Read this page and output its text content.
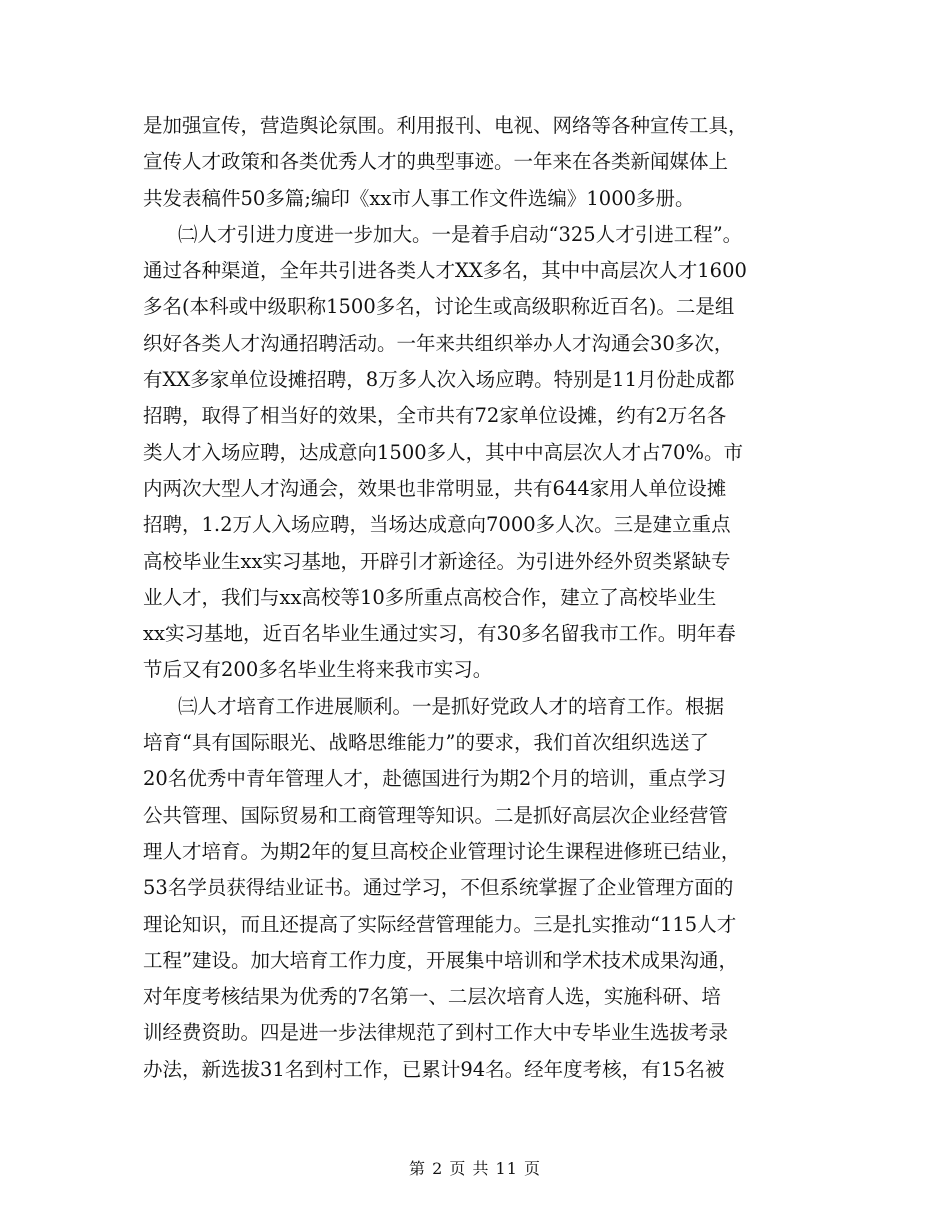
是加强宣传，营造舆论氛围。利用报刊、电视、网络等各种宣传工具，
宣传人才政策和各类优秀人才的典型事迹。一年来在各类新闻媒体上
共发表稿件50多篇;编印《xx市人事工作文件选编》1000多册。
㈡人才引进力度进一步加大。一是着手启动“325人才引进工程”。
通过各种渠道，全年共引进各类人才XX多名，其中中高层次人才1600
多名(本科或中级职称1500多名，讨论生或高级职称近百名)。二是组
织好各类人才沟通招聘活动。一年来共组织举办人才沟通会30多次，
有XX多家单位设摊招聘，8万多人次入场应聘。特别是11月份赴成都
招聘，取得了相当好的效果，全市共有72家单位设摊，约有2万名各
类人才入场应聘，达成意向1500多人，其中中高层次人才占70%。市
内两次大型人才沟通会，效果也非常明显，共有644家用人单位设摊
招聘，1.2万人入场应聘，当场达成意向7000多人次。三是建立重点
高校毕业生xx实习基地，开辟引才新途径。为引进外经外贸类紧缺专
业人才，我们与xx高校等10多所重点高校合作，建立了高校毕业生
xx实习基地，近百名毕业生通过实习，有30多名留我市工作。明年春
节后又有200多名毕业生将来我市实习。
㈢人才培育工作进展顺利。一是抓好党政人才的培育工作。根据
培育“具有国际眼光、战略思维能力”的要求，我们首次组织选送了
20名优秀中青年管理人才，赴德国进行为期2个月的培训，重点学习
公共管理、国际贸易和工商管理等知识。二是抓好高层次企业经营管
理人才培育。为期2年的复旦高校企业管理讨论生课程进修班已结业，
53名学员获得结业证书。通过学习，不但系统掌握了企业管理方面的
理论知识，而且还提高了实际经营管理能力。三是扎实推动“115人才
工程”建设。加大培育工作力度，开展集中培训和学术技术成果沟通，
对年度考核结果为优秀的7名第一、二层次培育人选，实施科研、培
训经费资助。四是进一步法律规范了到村工作大中专毕业生选拔考录
办法，新选拔31名到村工作，已累计94名。经年度考核，有15名被
第 2 页 共 11 页
